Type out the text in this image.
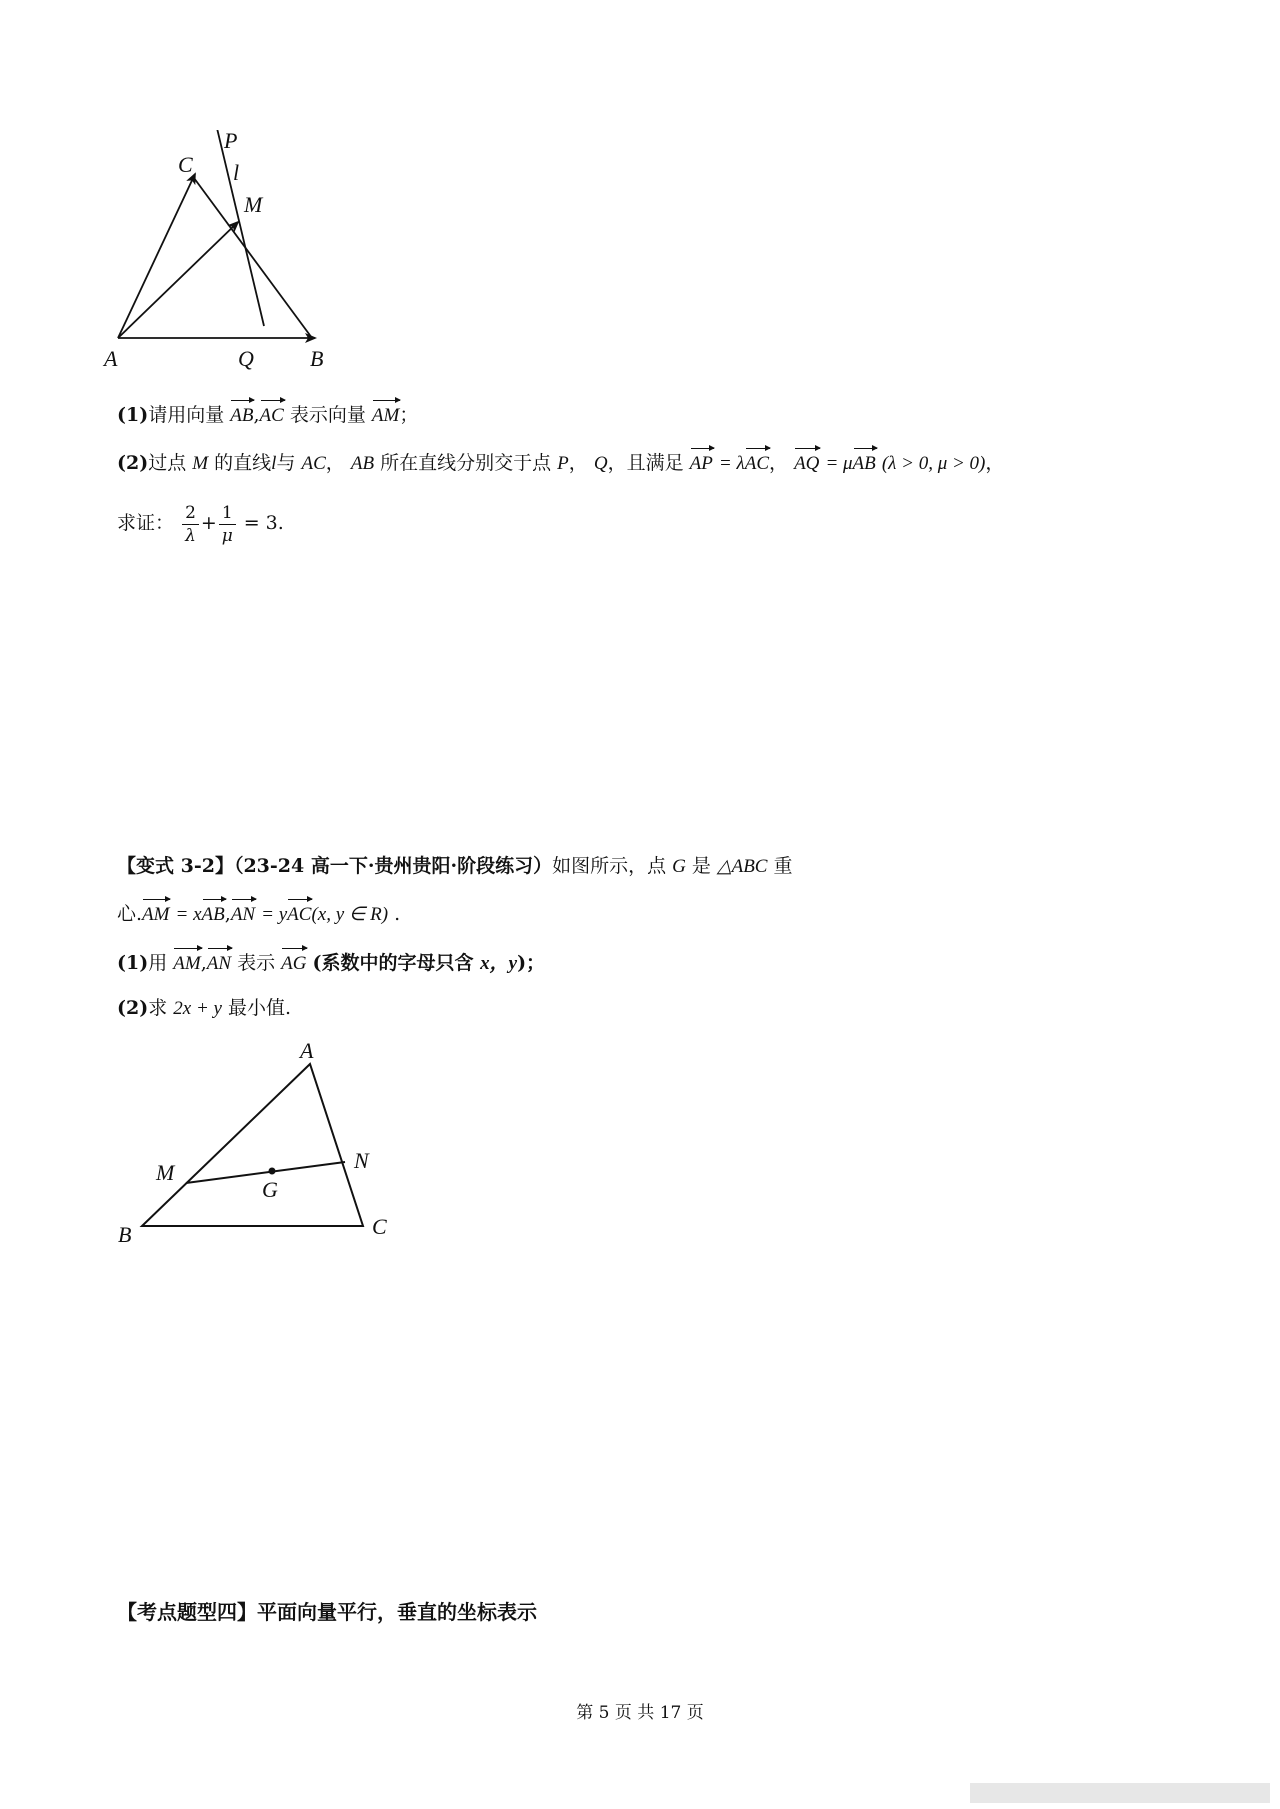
A	B
C
M
P
Q
l
(1)请用向量 AB,AC 表示向量 AM；
(2)过点 M 的直线l与 AC， AB 所在直线分别交于点 P， Q，且满足 AP = λAC， AQ = μAB (λ > 0, μ > 0)，
求证： $\frac{2}{\lambda} + \frac{1}{\mu} = 3$.
【变式 3-2】（23-24 高一下·贵州贵阳·阶段练习）如图所示，点 G 是 △ABC 重
心.AM = xAB,AN = yAC(x, y ∈ R) .
(1)用 AM,AN 表示 AG (系数中的字母只含 x，y)；
(2)求 2x + y 最小值.
A
B	C
M	N
G
【考点题型四】平面向量平行，垂直的坐标表示
第 5 页 共 17 页
